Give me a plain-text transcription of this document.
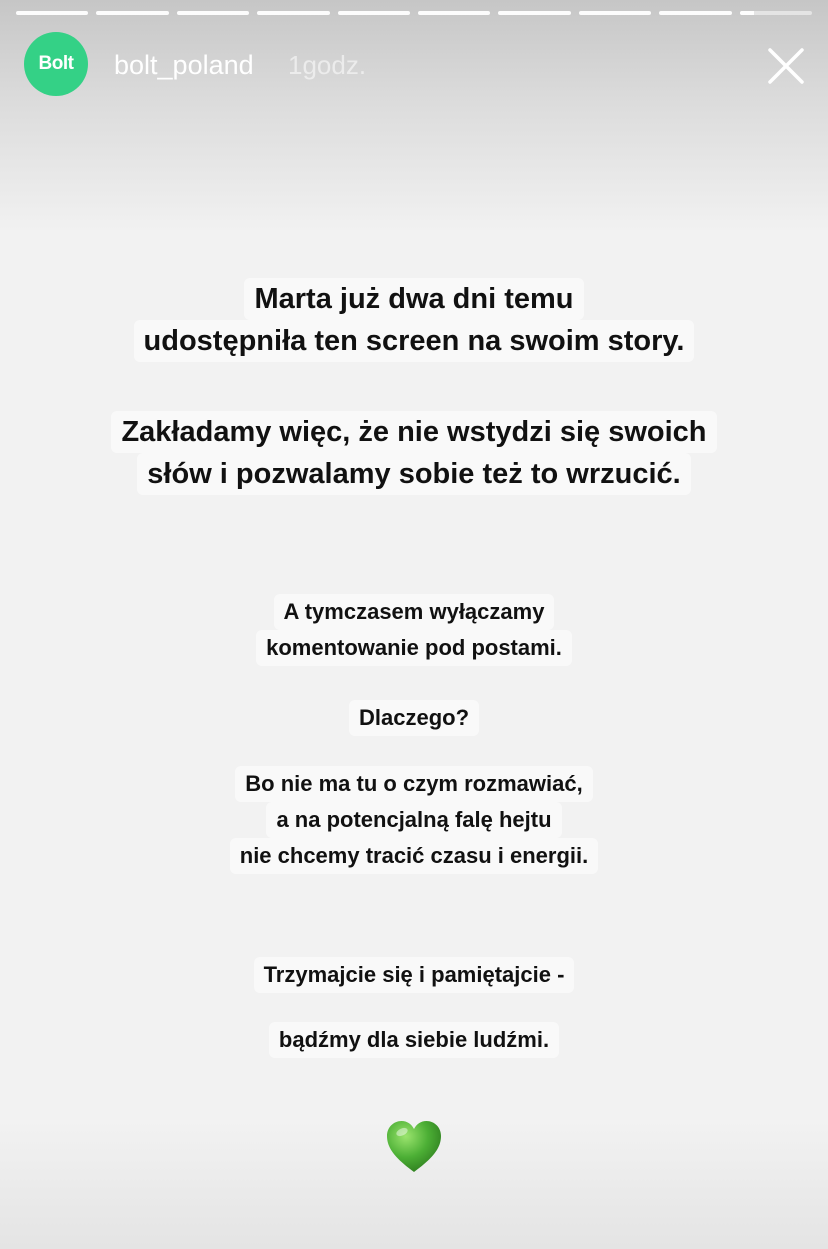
Bolt bolt_poland 1godz.
Marta już dwa dni temu
udostępniła ten screen na swoim story.
Zakładamy więc, że nie wstydzi się swoich
słów i pozwalamy sobie też to wrzucić.
A tymczasem wyłączamy
komentowanie pod postami.
Dlaczego?
Bo nie ma tu o czym rozmawiać,
a na potencjalną falę hejtu
nie chcemy tracić czasu i energii.
Trzymajcie się i pamiętajcie -
bądźmy dla siebie ludźmi.
